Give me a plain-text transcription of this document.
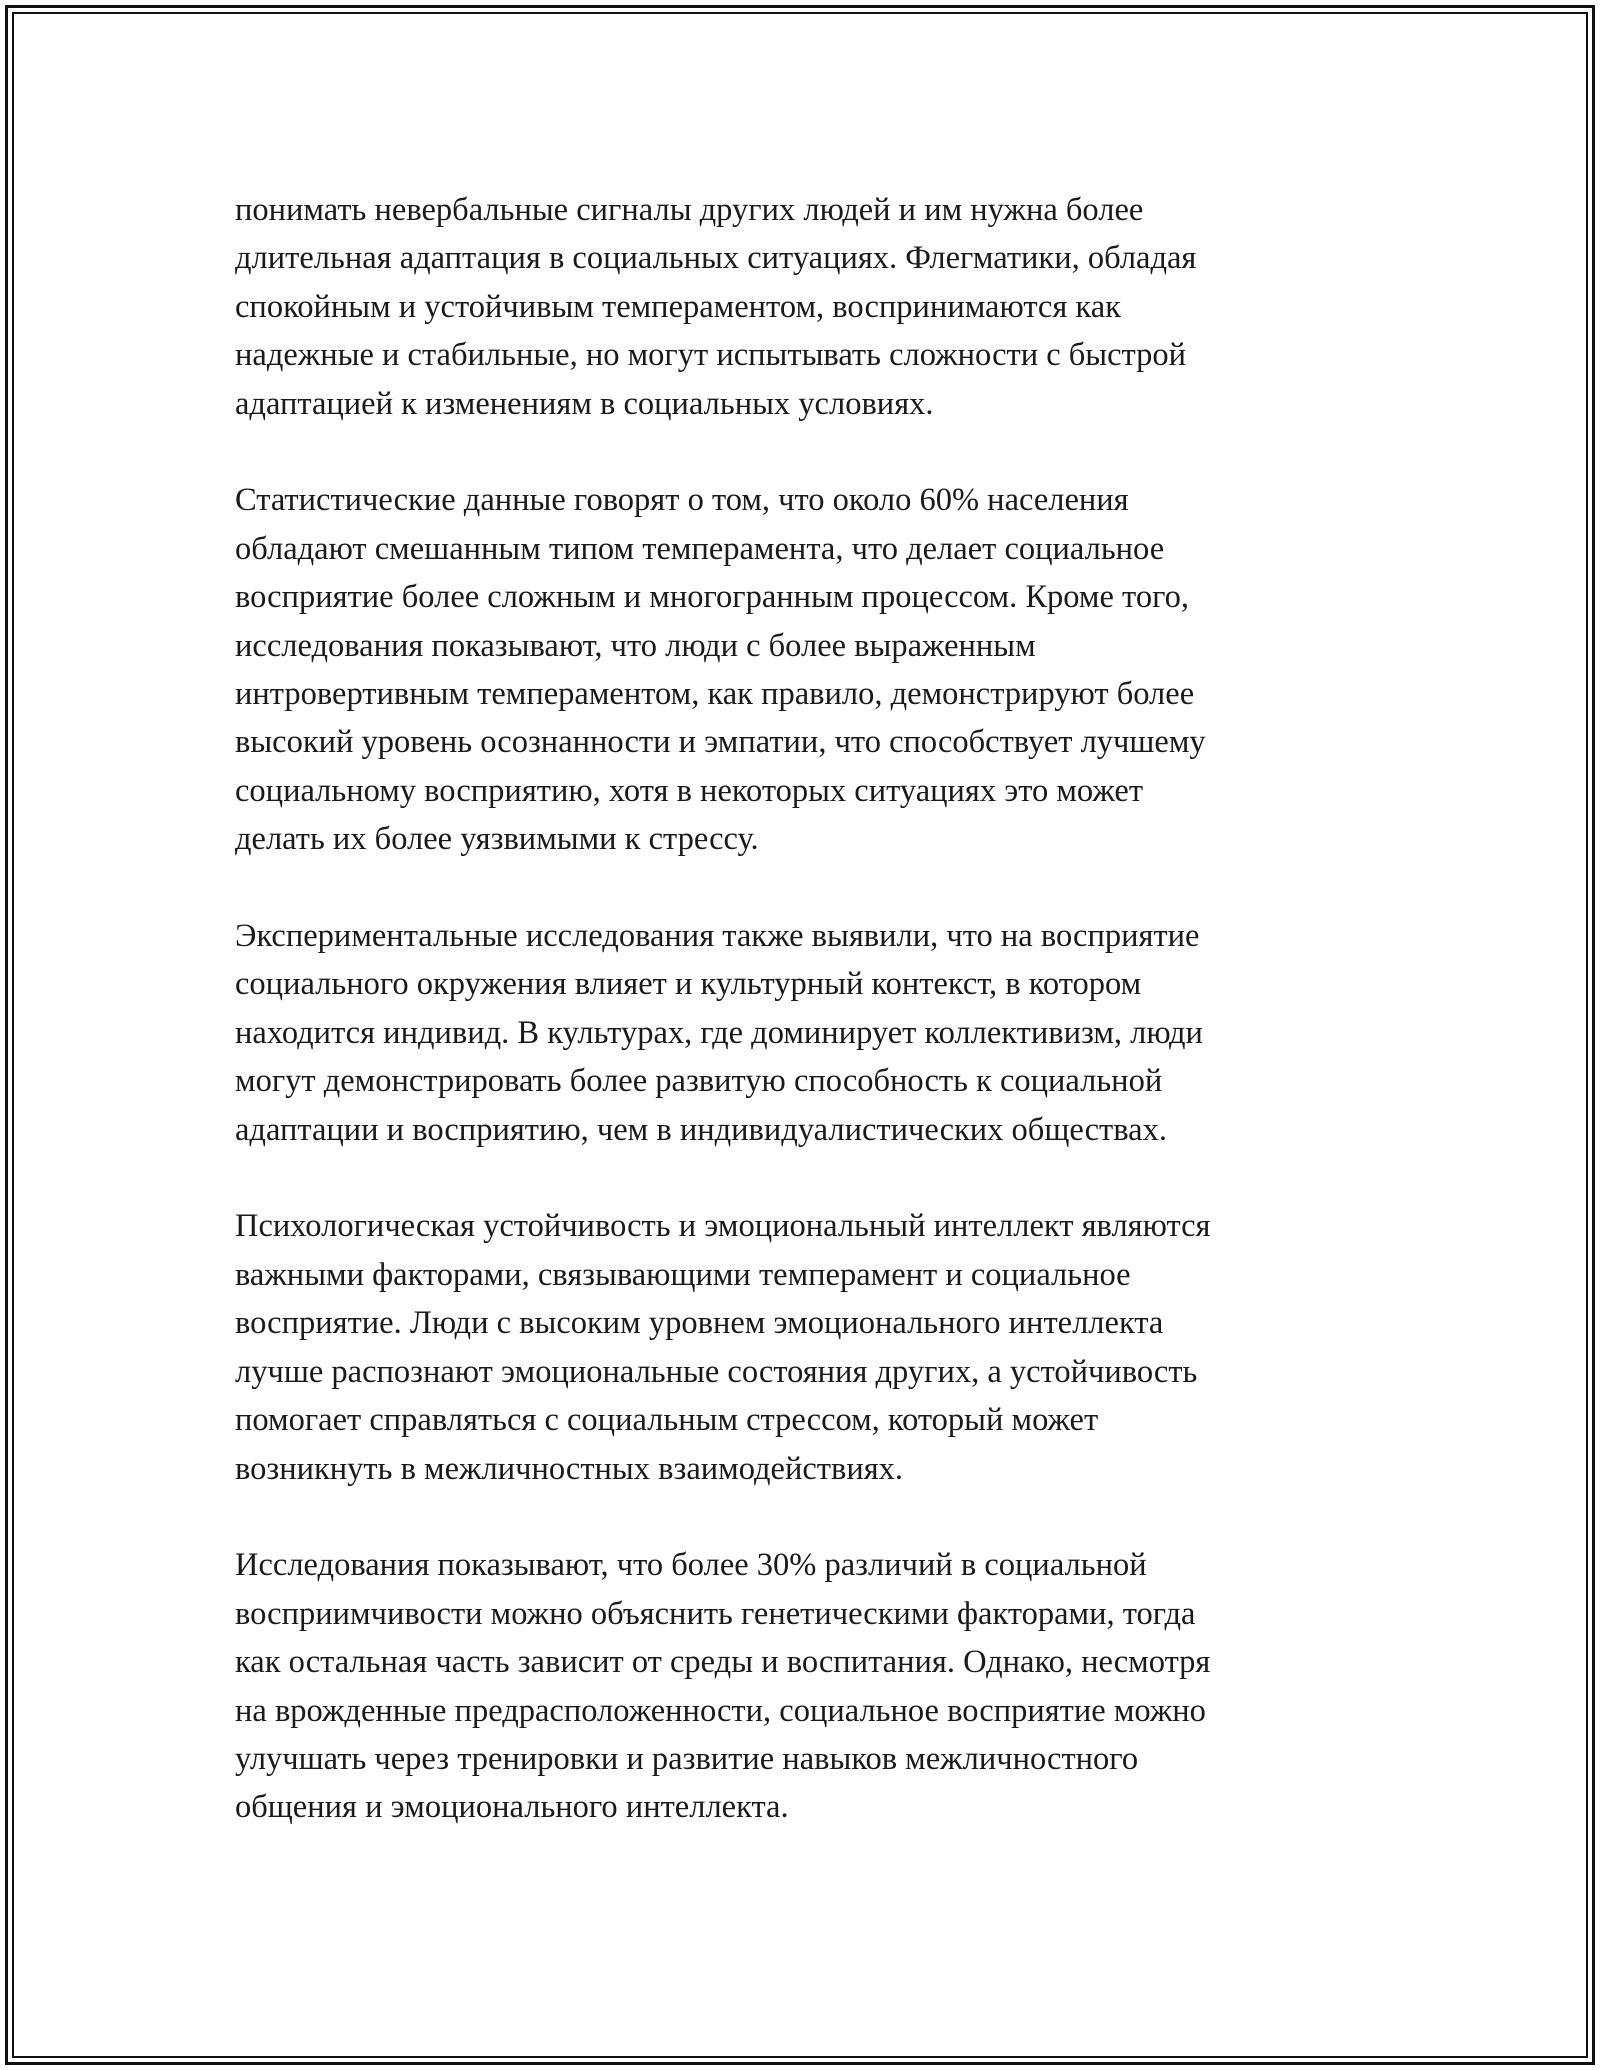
понимать невербальные сигналы других людей и им нужна более
длительная адаптация в социальных ситуациях. Флегматики, обладая
спокойным и устойчивым темпераментом, воспринимаются как
надежные и стабильные, но могут испытывать сложности с быстрой
адаптацией к изменениям в социальных условиях.

Статистические данные говорят о том, что около 60% населения
обладают смешанным типом темперамента, что делает социальное
восприятие более сложным и многогранным процессом. Кроме того,
исследования показывают, что люди с более выраженным
интровертивным темпераментом, как правило, демонстрируют более
высокий уровень осознанности и эмпатии, что способствует лучшему
социальному восприятию, хотя в некоторых ситуациях это может
делать их более уязвимыми к стрессу.

Экспериментальные исследования также выявили, что на восприятие
социального окружения влияет и культурный контекст, в котором
находится индивид. В культурах, где доминирует коллективизм, люди
могут демонстрировать более развитую способность к социальной
адаптации и восприятию, чем в индивидуалистических обществах.

Психологическая устойчивость и эмоциональный интеллект являются
важными факторами, связывающими темперамент и социальное
восприятие. Люди с высоким уровнем эмоционального интеллекта
лучше распознают эмоциональные состояния других, а устойчивость
помогает справляться с социальным стрессом, который может
возникнуть в межличностных взаимодействиях.

Исследования показывают, что более 30% различий в социальной
восприимчивости можно объяснить генетическими факторами, тогда
как остальная часть зависит от среды и воспитания. Однако, несмотря
на врожденные предрасположенности, социальное восприятие можно
улучшать через тренировки и развитие навыков межличностного
общения и эмоционального интеллекта.
